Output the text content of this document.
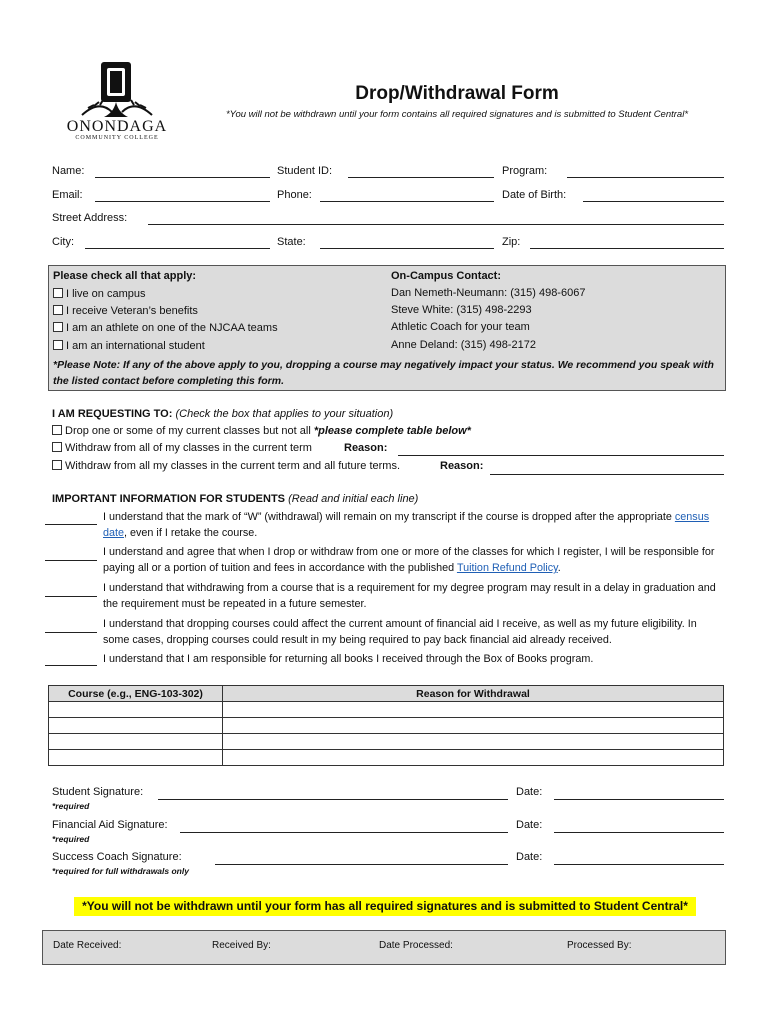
ONONDAGA
COMMUNITY COLLEGE
Drop/Withdrawal Form
*You will not be withdrawn until your form contains all required signatures and is submitted to Student Central*
Name:	Student ID:	Program:
Email:	Phone:	Date of Birth:
Street Address:
City:	State:	Zip:
Please check all that apply:
I live on campus
I receive Veteran’s benefits
I am an athlete on one of the NJCAA teams
I am an international student
On-Campus Contact:
Dan Nemeth-Neumann: (315) 498-6067
Steve White: (315) 498-2293
Athletic Coach for your team
Anne Deland: (315) 498-2172
*Please Note: If any of the above apply to you, dropping a course may negatively impact your status. We recommend you speak with the listed contact before completing this form.
I AM REQUESTING TO: (Check the box that applies to your situation)
Drop one or some of my current classes but not all *please complete table below*
Withdraw from all of my classes in the current term	Reason:
Withdraw from all my classes in the current term and all future terms.	Reason:
IMPORTANT INFORMATION FOR STUDENTS (Read and initial each line)
I understand that the mark of “W” (withdrawal) will remain on my transcript if the course is dropped after the appropriate census date, even if I retake the course.
I understand and agree that when I drop or withdraw from one or more of the classes for which I register, I will be responsible for paying all or a portion of tuition and fees in accordance with the published Tuition Refund Policy.
I understand that withdrawing from a course that is a requirement for my degree program may result in a delay in graduation and the requirement must be repeated in a future semester.
I understand that dropping courses could affect the current amount of financial aid I receive, as well as my future eligibility. In some cases, dropping courses could result in my being required to pay back financial aid already received.
I understand that I am responsible for returning all books I received through the Box of Books program.
Course (e.g., ENG-103-302)	Reason for Withdrawal

Student Signature:
*required
Date:
Financial Aid Signature:
*required
Date:
Success Coach Signature:
*required for full withdrawals only
Date:
*You will not be withdrawn until your form has all required signatures and is submitted to Student Central*
Date Received:	Received By:	Date Processed:	Processed By:
